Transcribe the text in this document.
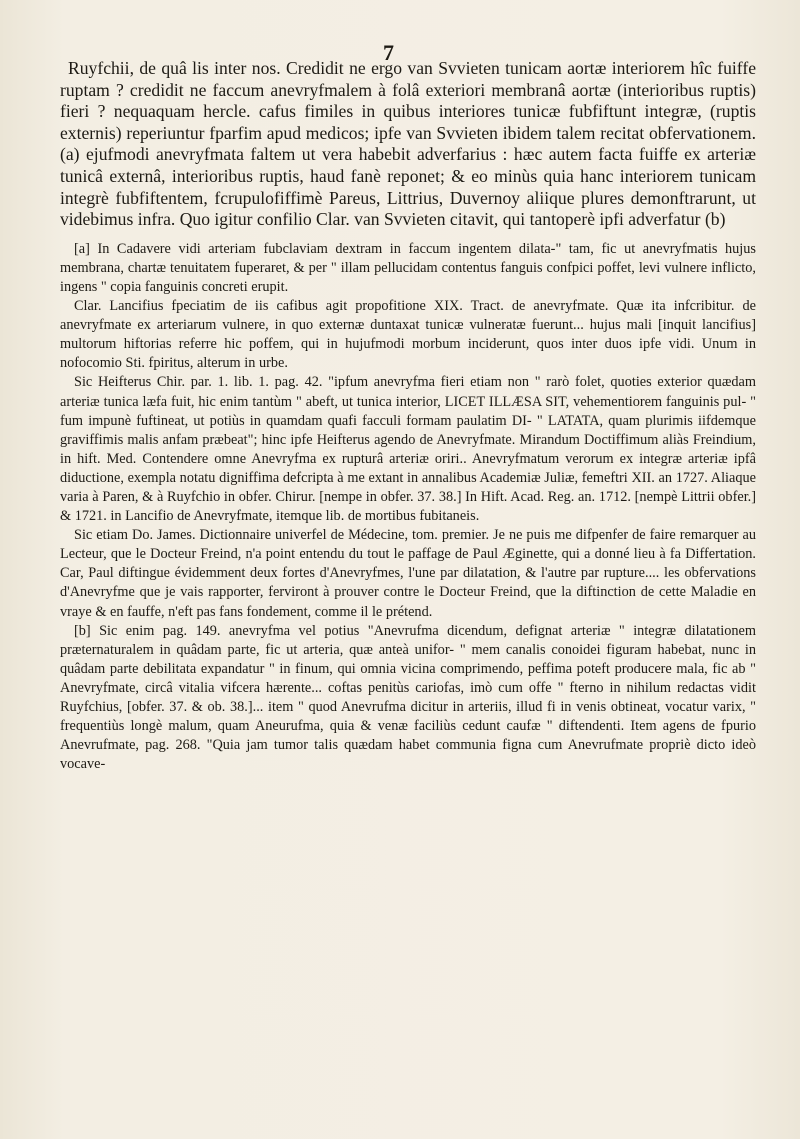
7

Ruyfchii, de quâ lis inter nos. Credidit ne ergo van Svvieten tunicam aortæ interiorem hîc fuiffe ruptam ? credidit ne faccum anevryfmalem à folâ exteriori membranâ aortæ (interioribus ruptis) fieri ? nequaquam hercle. cafus fimiles in quibus interiores tunicæ fubfiftunt integræ, (ruptis externis) reperiuntur fparfim apud medicos; ipfe van Svvieten ibidem talem recitat obfervationem. (a) ejufmodi anevryfmata faltem ut vera habebit adverfarius : hæc autem facta fuiffe ex arteriæ tunicâ externâ, interioribus ruptis, haud fanè reponet; & eo minùs quia hanc interiorem tunicam integrè fubfiftentem, fcrupulofiffimè Pareus, Littrius, Duvernoy aliique plures demonftrarunt, ut videbimus infra. Quo igitur confilio Clar. van Svvieten citavit, qui tantoperè ipfi adverfatur (b)

[a] In Cadavere vidi arteriam fubclaviam dextram in faccum ingentem dilata-" tam, fic ut anevryfmatis hujus membrana, chartæ tenuitatem fuperaret, & per " illam pellucidam contentus fanguis confpici poffet, levi vulnere inflicto, ingens " copia fanguinis concreti erupit.

Clar. Lancifius fpeciatim de iis cafibus agit propofitione XIX. Tract. de anevryfmate. Quæ ita infcribitur. de anevryfmate ex arteriarum vulnere, in quo externæ duntaxat tunicæ vulneratæ fuerunt... hujus mali [inquit lancifius] multorum hiftorias referre hic poffem, qui in hujufmodi morbum inciderunt, quos inter duos ipfe vidi. Unum in nofocomio Sti. fpiritus, alterum in urbe.

Sic Heifterus Chir. par. 1. lib. 1. pag. 42. "ipfum anevryfma fieri etiam non " rarò folet, quoties exterior quædam arteriæ tunica læfa fuit, hic enim tantùm " abeft, ut tunica interior, LICET ILLÆSA SIT, vehementiorem fanguinis pul- " fum impunè fuftineat, ut potiùs in quamdam quafi facculi formam paulatim DI- " LATATA, quam plurimis iifdemque graviffimis malis anfam præbeat"; hinc ipfe Heifterus agendo de Anevryfmate. Mirandum Doctiffimum aliàs Freindium, in hift. Med. Contendere omne Anevryfma ex rupturâ arteriæ oriri.. Anevryfmatum verorum ex integræ arteriæ ipfâ diductione, exempla notatu digniffima defcripta à me extant in annalibus Academiæ Juliæ, femeftri XII. an 1727. Aliaque varia à Paren, & à Ruyfchio in obfer. Chirur. [nempe in obfer. 37. 38.] In Hift. Acad. Reg. an. 1712. [nempè Littrii obfer.] & 1721. in Lancifio de Anevryfmate, itemque lib. de mortibus fubitaneis.

Sic etiam Do. James. Dictionnaire univerfel de Médecine, tom. premier. Je ne puis me difpenfer de faire remarquer au Lecteur, que le Docteur Freind, n'a point entendu du tout le paffage de Paul Æginette, qui a donné lieu à fa Differtation. Car, Paul diftingue évidemment deux fortes d'Anevryfmes, l'une par dilatation, & l'autre par rupture.... les obfervations d'Anevryfme que je vais rapporter, ferviront à prouver contre le Docteur Freind, que la diftinction de cette Maladie en vraye & en fauffe, n'eft pas fans fondement, comme il le prétend.

[b] Sic enim pag. 149. anevryfma vel potius "Anevrufma dicendum, defignat arteriæ " integræ dilatationem præternaturalem in quâdam parte, fic ut arteria, quæ anteà unifor- " mem canalis conoidei figuram habebat, nunc in quâdam parte debilitata expandatur " in finum, qui omnia vicina comprimendo, peffima poteft producere mala, fic ab " Anevryfmate, circâ vitalia vifcera hærente... coftas penitùs cariofas, imò cum offe " fterno in nihilum redactas vidit Ruyfchius, [obfer. 37. & ob. 38.]... item " quod Anevrufma dicitur in arteriis, illud fi in venis obtineat, vocatur varix, " frequentiùs longè malum, quam Aneurufma, quia & venæ faciliùs cedunt caufæ " diftendenti. Item agens de fpurio Anevrufmate, pag. 268. "Quia jam tumor talis quædam habet communia figna cum Anevrufmate propriè dicto ideò vocave-
